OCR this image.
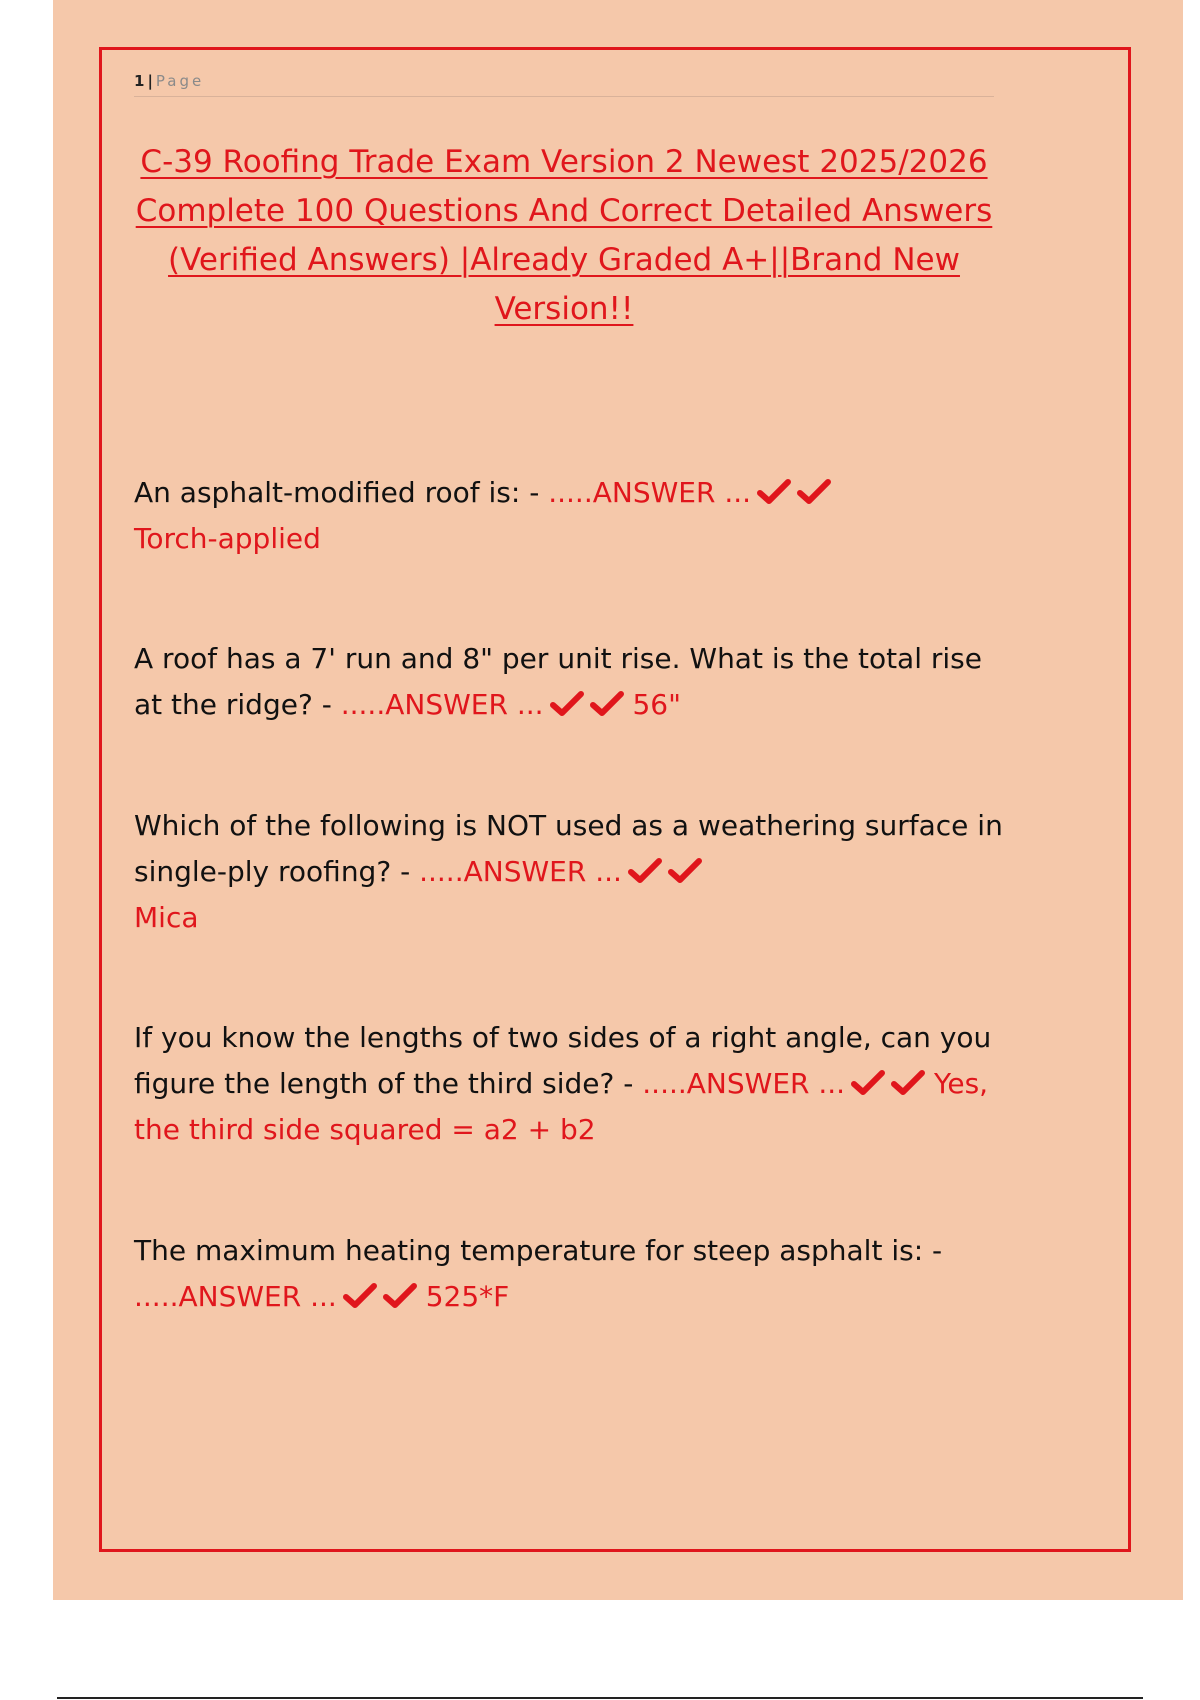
1 | Page
C-39 Roofing Trade Exam Version 2 Newest 2025/2026 Complete 100 Questions And Correct Detailed Answers (Verified Answers) |Already Graded A+||Brand New Version!!
An asphalt-modified roof is: - .....ANSWER ...

Torch-applied
A roof has a 7' run and 8" per unit rise. What is the total rise at the ridge? - .....ANSWER ...	56"
Which of the following is NOT used as a weathering surface in single-ply roofing? - .....ANSWER ...

Mica
If you know the lengths of two sides of a right angle, can you figure the length of the third side? - .....ANSWER ...	Yes, the third side squared = a2 + b2
The maximum heating temperature for steep asphalt is: - .....ANSWER ...	525*F
